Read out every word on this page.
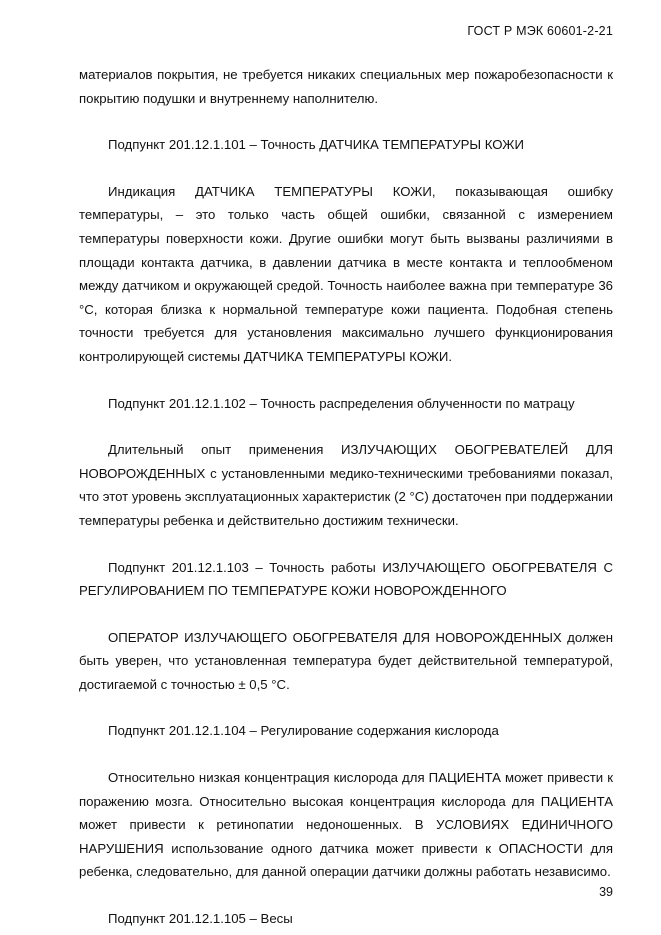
ГОСТ Р МЭК 60601-2-21

материалов покрытия, не требуется никаких специальных мер пожаробезопасности к покрытию подушки и внутреннему наполнителю.

Подпункт 201.12.1.101 – Точность ДАТЧИКА ТЕМПЕРАТУРЫ КОЖИ

Индикация ДАТЧИКА ТЕМПЕРАТУРЫ КОЖИ, показывающая ошибку температуры, – это только часть общей ошибки, связанной с измерением температуры поверхности кожи. Другие ошибки могут быть вызваны различиями в площади контакта датчика, в давлении датчика в месте контакта и теплообменом между датчиком и окружающей средой. Точность наиболее важна при температуре 36 °С, которая близка к нормальной температуре кожи пациента. Подобная степень точности требуется для установления максимально лучшего функционирования контролирующей системы ДАТЧИКА ТЕМПЕРАТУРЫ КОЖИ.

Подпункт 201.12.1.102 – Точность распределения облученности по матрацу

Длительный опыт применения ИЗЛУЧАЮЩИХ ОБОГРЕВАТЕЛЕЙ ДЛЯ НОВОРОЖДЕННЫХ с установленными медико-техническими требованиями показал, что этот уровень эксплуатационных характеристик (2 °С) достаточен при поддержании температуры ребенка и действительно достижим технически.

Подпункт 201.12.1.103 – Точность работы ИЗЛУЧАЮЩЕГО ОБОГРЕВАТЕЛЯ С РЕГУЛИРОВАНИЕМ ПО ТЕМПЕРАТУРЕ КОЖИ НОВОРОЖДЕННОГО

ОПЕРАТОР ИЗЛУЧАЮЩЕГО ОБОГРЕВАТЕЛЯ ДЛЯ НОВОРОЖДЕННЫХ должен быть уверен, что установленная температура будет действительной температурой, достигаемой с точностью ± 0,5 °С.

Подпункт 201.12.1.104 – Регулирование содержания кислорода

Относительно низкая концентрация кислорода для ПАЦИЕНТА может привести к поражению мозга. Относительно высокая концентрация кислорода для ПАЦИЕНТА может привести к ретинопатии недоношенных. В УСЛОВИЯХ ЕДИНИЧНОГО НАРУШЕНИЯ использование одного датчика может привести к ОПАСНОСТИ для ребенка, следовательно, для данной операции датчики должны работать независимо.

Подпункт 201.12.1.105 – Весы

39
